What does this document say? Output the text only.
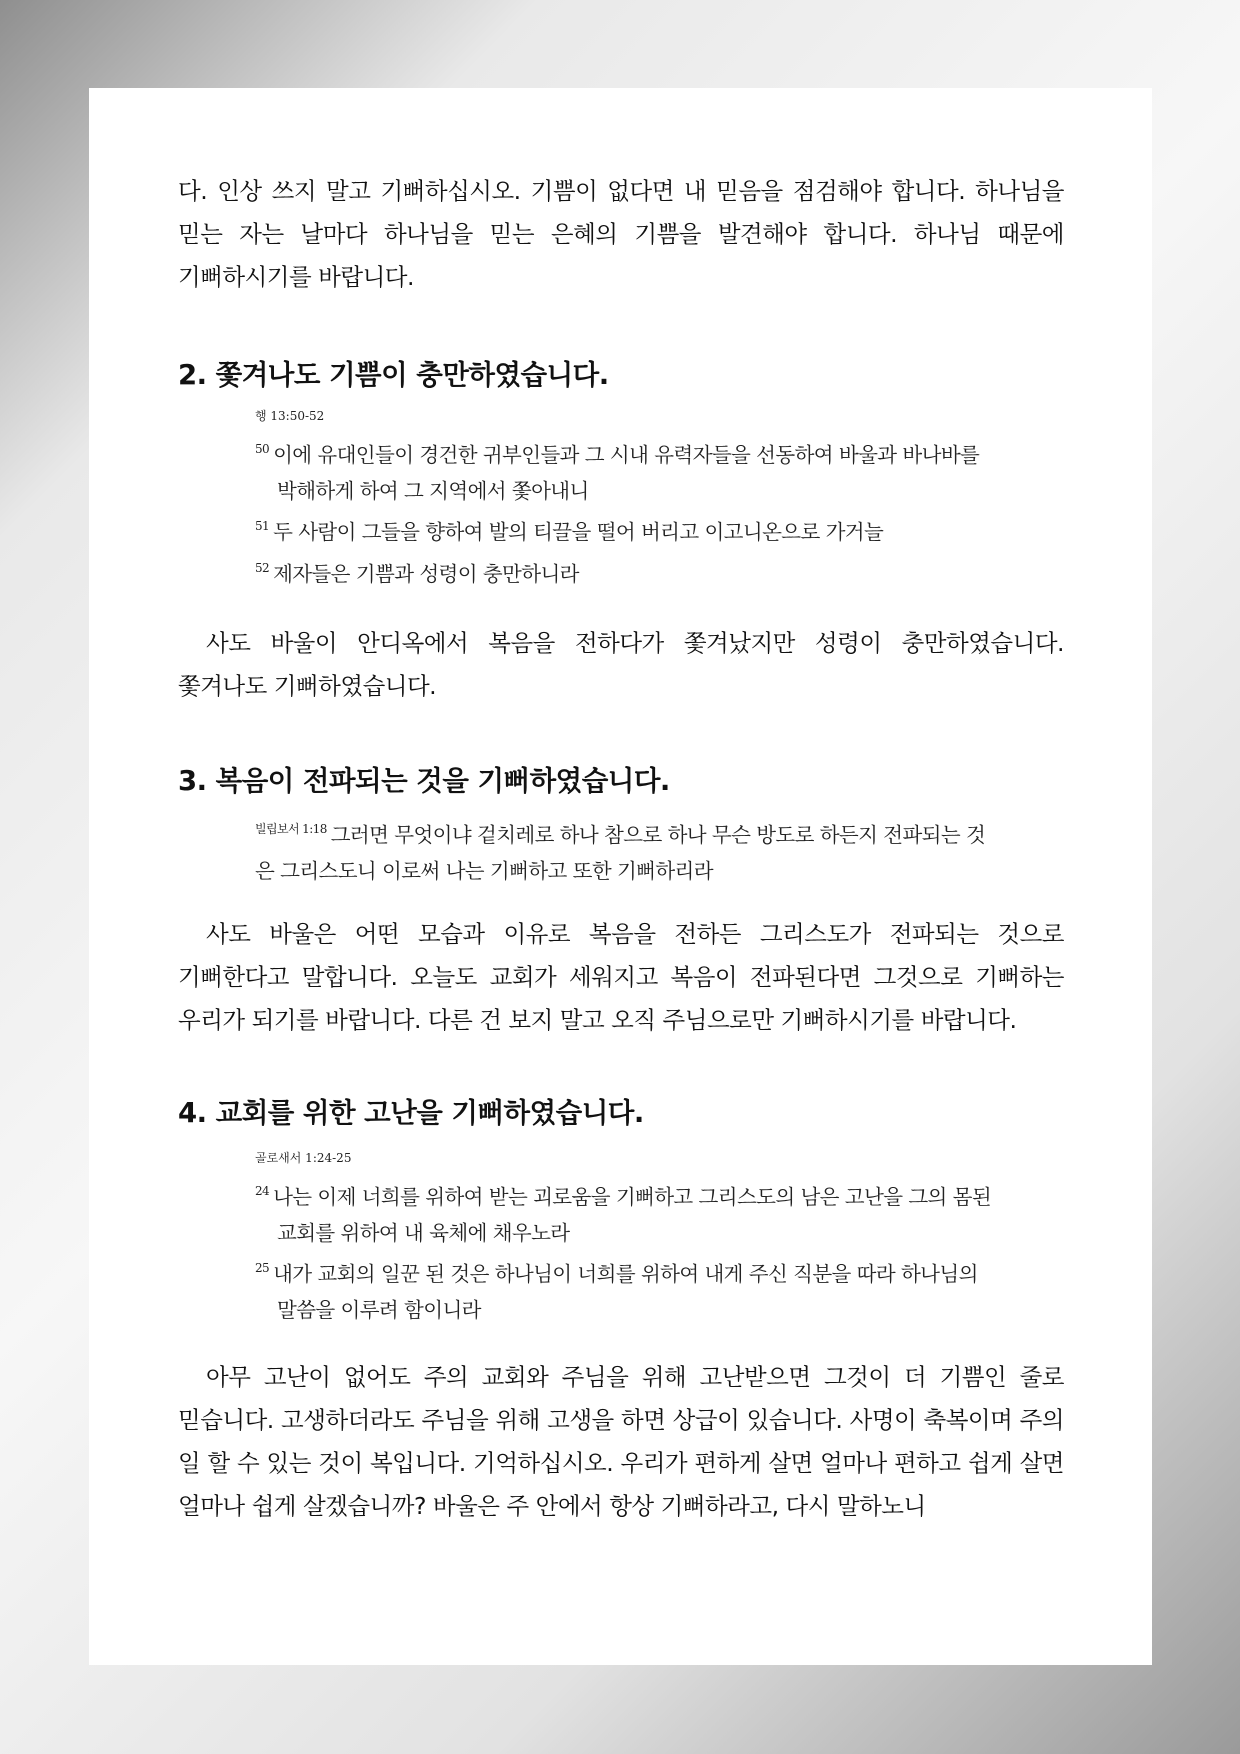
다. 인상 쓰지 말고 기뻐하십시오. 기쁨이 없다면 내 믿음을 점검해야 합니다. 하나님을 믿는 자는 날마다 하나님을 믿는 은혜의 기쁨을 발견해야 합니다. 하나님 때문에 기뻐하시기를 바랍니다.

2. 쫓겨나도 기쁨이 충만하였습니다.
행 13:50-52
$^{50}$ 이에 유대인들이 경건한 귀부인들과 그 시내 유력자들을 선동하여 바울과 바나바를 박해하게 하여 그 지역에서 쫓아내니
$^{51}$ 두 사람이 그들을 향하여 발의 티끌을 떨어 버리고 이고니온으로 가거늘
$^{52}$ 제자들은 기쁨과 성령이 충만하니라

사도 바울이 안디옥에서 복음을 전하다가 쫓겨났지만 성령이 충만하였습니다. 쫓겨나도 기뻐하였습니다.

3. 복음이 전파되는 것을 기뻐하였습니다.
$^{빌립보서 1:18}$ 그러면 무엇이냐 겉치레로 하나 참으로 하나 무슨 방도로 하든지 전파되는 것은 그리스도니 이로써 나는 기뻐하고 또한 기뻐하리라

사도 바울은 어떤 모습과 이유로 복음을 전하든 그리스도가 전파되는 것으로 기뻐한다고 말합니다. 오늘도 교회가 세워지고 복음이 전파된다면 그것으로 기뻐하는 우리가 되기를 바랍니다. 다른 건 보지 말고 오직 주님으로만 기뻐하시기를 바랍니다.

4. 교회를 위한 고난을 기뻐하였습니다.
골로새서 1:24-25
$^{24}$ 나는 이제 너희를 위하여 받는 괴로움을 기뻐하고 그리스도의 남은 고난을 그의 몸된 교회를 위하여 내 육체에 채우노라
$^{25}$ 내가 교회의 일꾼 된 것은 하나님이 너희를 위하여 내게 주신 직분을 따라 하나님의 말씀을 이루려 함이니라

아무 고난이 없어도 주의 교회와 주님을 위해 고난받으면 그것이 더 기쁨인 줄로 믿습니다. 고생하더라도 주님을 위해 고생을 하면 상급이 있습니다. 사명이 축복이며 주의 일 할 수 있는 것이 복입니다. 기억하십시오. 우리가 편하게 살면 얼마나 편하고 쉽게 살면 얼마나 쉽게 살겠습니까? 바울은 주 안에서 항상 기뻐하라고, 다시 말하노니
